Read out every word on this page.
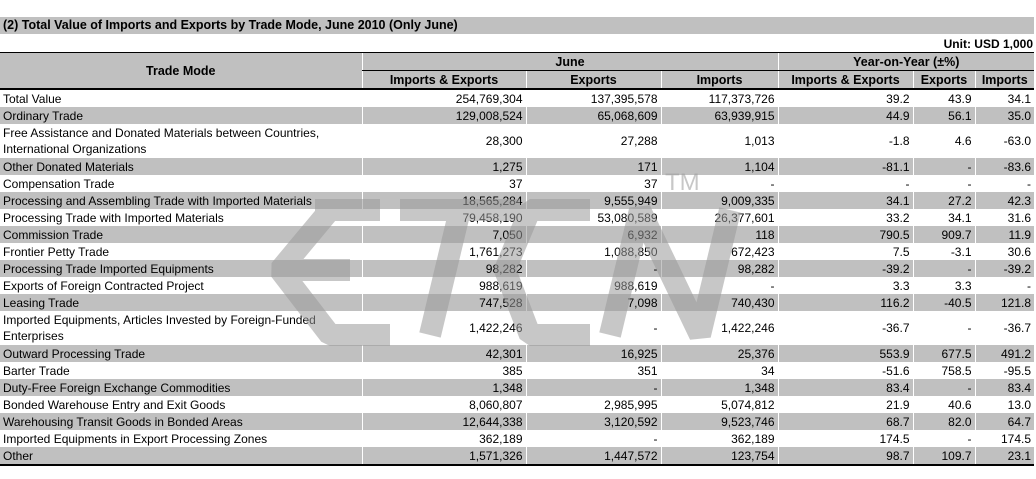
(2) Total Value of Imports and Exports by Trade Mode, June 2010 (Only June)
Unit: USD 1,000
Trade Mode	June			Year-on-Year (±%)		
	Imports & Exports	Exports	Imports	Imports & Exports	Exports	Imports
Total Value	254,769,304	137,395,578	117,373,726	39.2	43.9	34.1
Ordinary Trade	129,008,524	65,068,609	63,939,915	44.9	56.1	35.0
Free Assistance and Donated Materials between Countries, International Organizations	28,300	27,288	1,013	-1.8	4.6	-63.0
Other Donated Materials	1,275	171	1,104	-81.1	-	-83.6
Compensation Trade	37	37	-	-	-	-
Processing and Assembling Trade with Imported Materials	18,565,284	9,555,949	9,009,335	34.1	27.2	42.3
Processing Trade with Imported Materials	79,458,190	53,080,589	26,377,601	33.2	34.1	31.6
Commission Trade	7,050	6,932	118	790.5	909.7	11.9
Frontier Petty Trade	1,761,273	1,088,850	672,423	7.5	-3.1	30.6
Processing Trade Imported Equipments	98,282	-	98,282	-39.2	-	-39.2
Exports of Foreign Contracted Project	988,619	988,619	-	3.3	3.3	-
Leasing Trade	747,528	7,098	740,430	116.2	-40.5	121.8
Imported Equipments, Articles Invested by Foreign-Funded Enterprises	1,422,246	-	1,422,246	-36.7	-	-36.7
Outward Processing Trade	42,301	16,925	25,376	553.9	677.5	491.2
Barter Trade	385	351	34	-51.6	758.5	-95.5
Duty-Free Foreign Exchange Commodities	1,348	-	1,348	83.4	-	83.4
Bonded Warehouse Entry and Exit Goods	8,060,807	2,985,995	5,074,812	21.9	40.6	13.0
Warehousing Transit Goods in Bonded Areas	12,644,338	3,120,592	9,523,746	68.7	82.0	64.7
Imported Equipments in Export Processing Zones	362,189	-	362,189	174.5	-	174.5
Other	1,571,326	1,447,572	123,754	98.7	109.7	23.1
TM
